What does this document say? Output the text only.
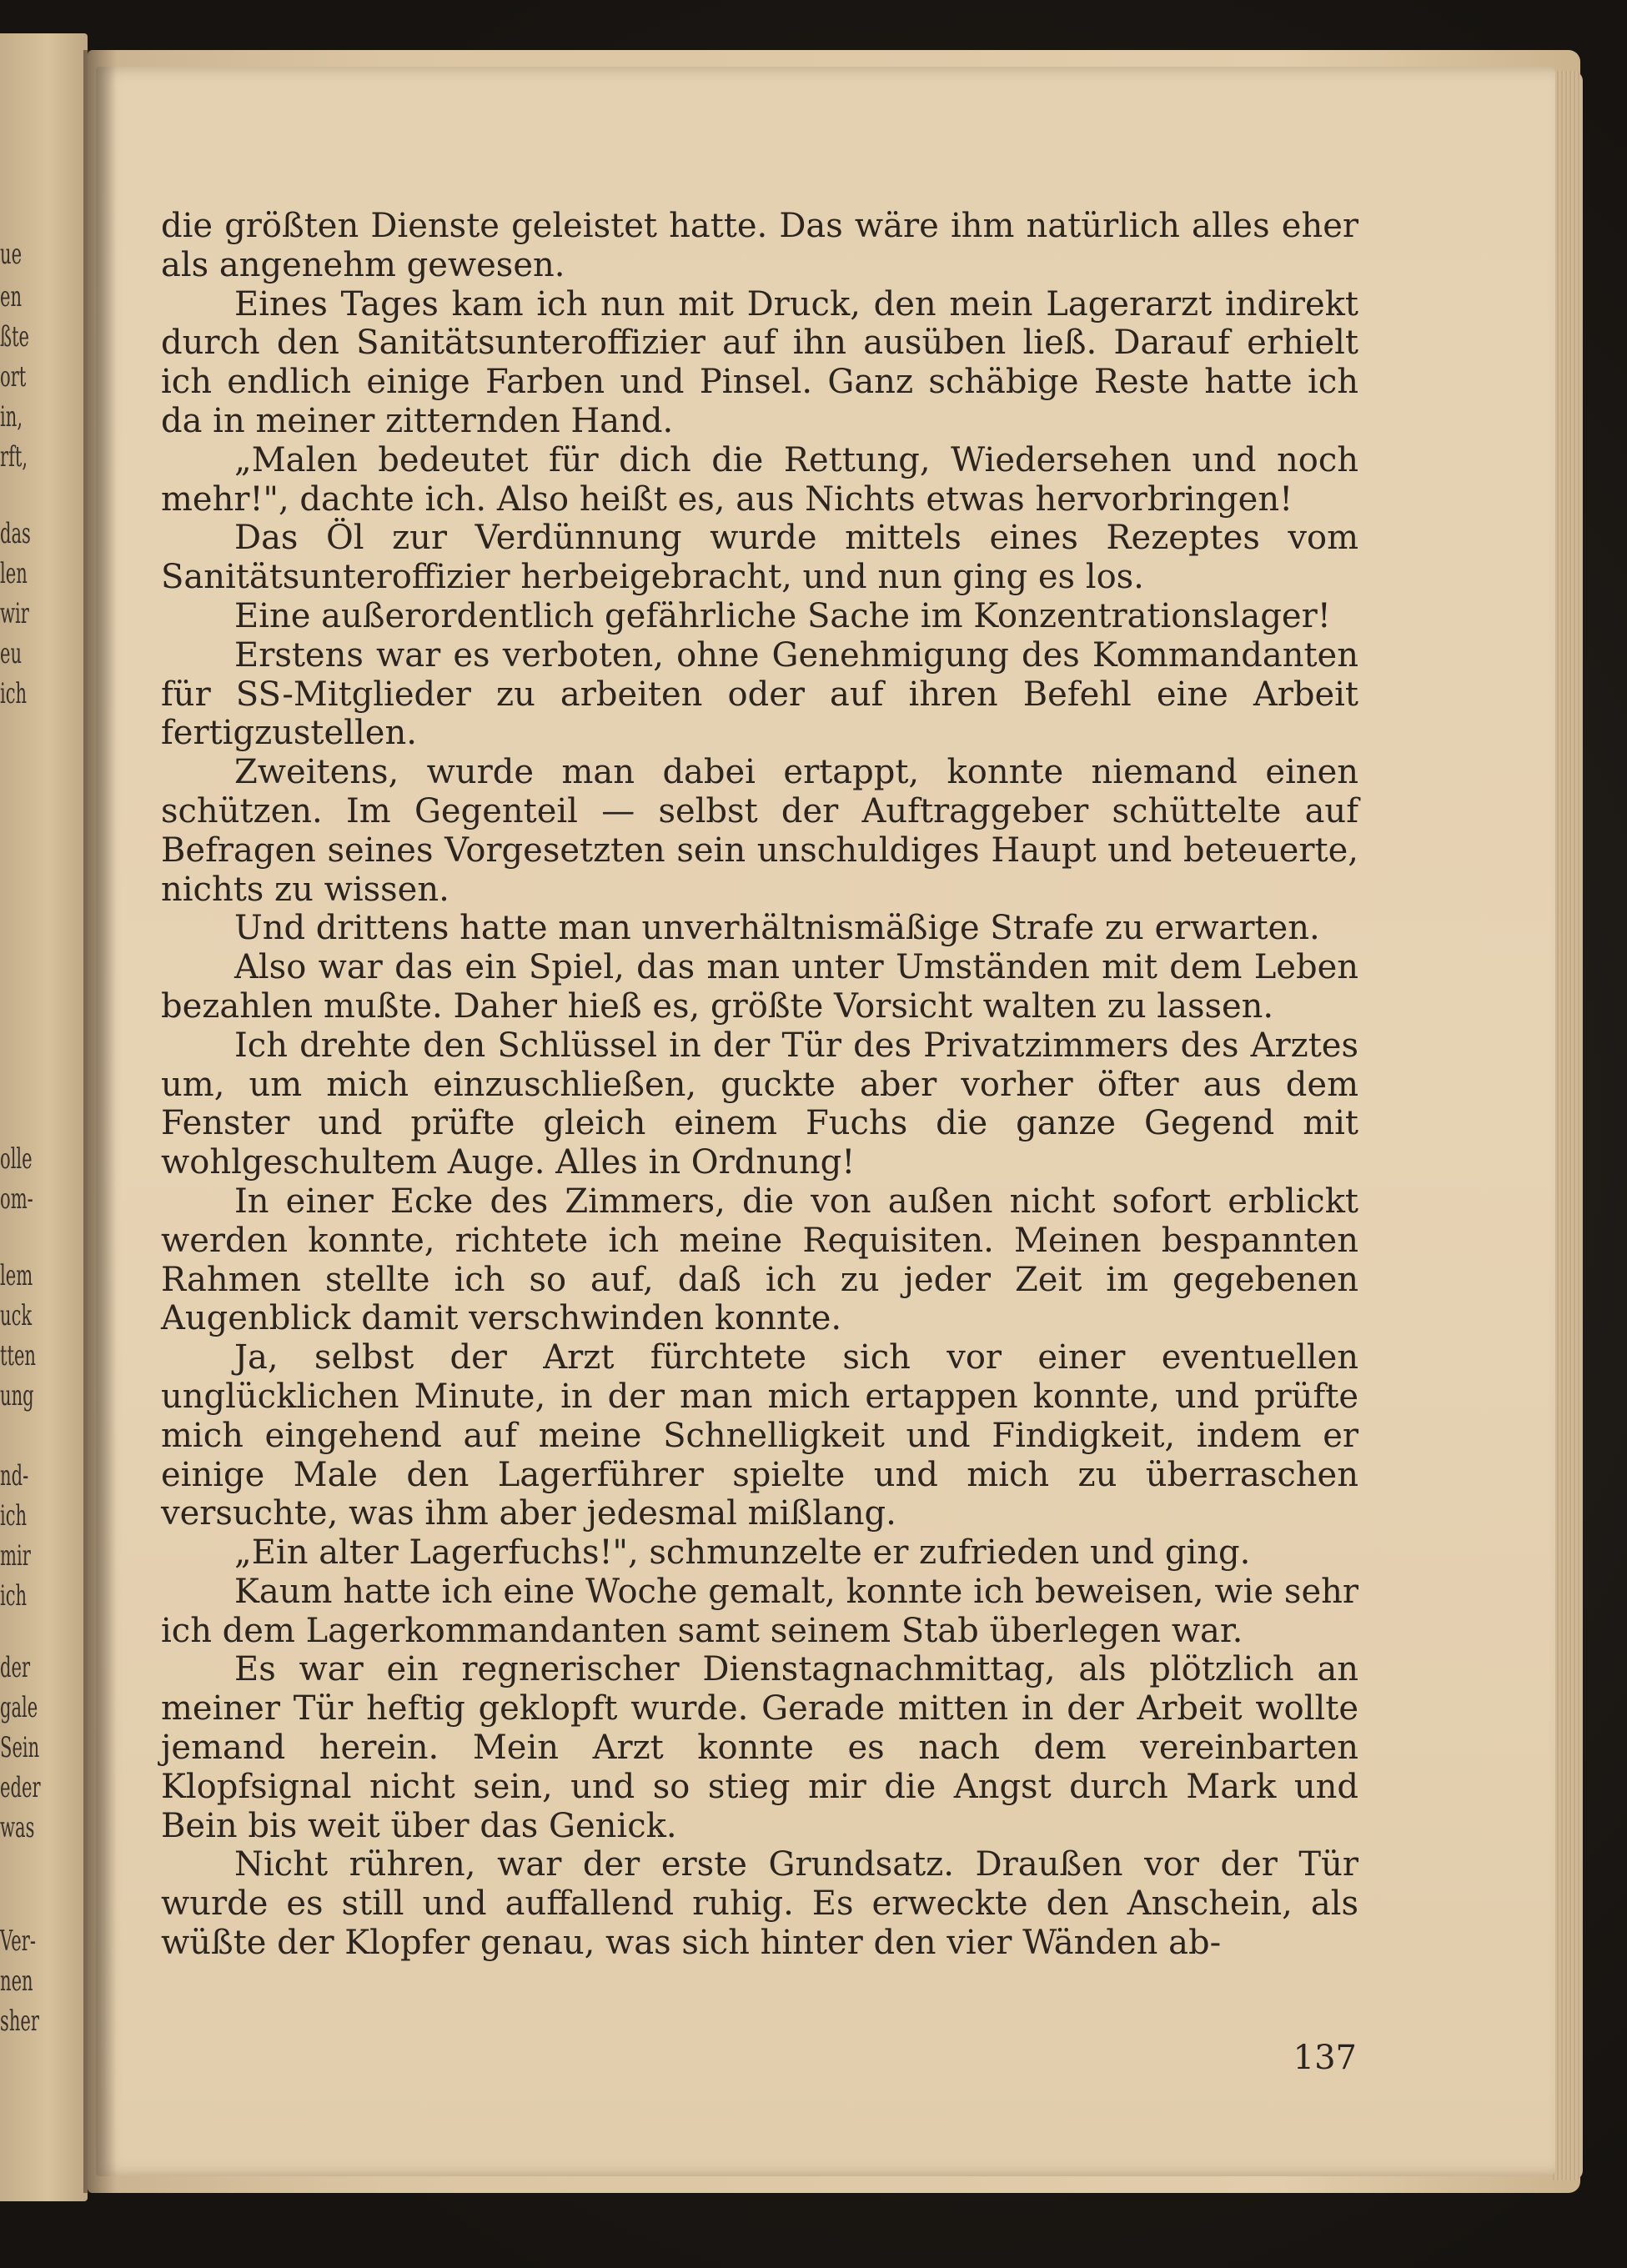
ue
en
ßte
ort
in,
rft,
das
len
wir
eu
ich
olle
om-
lem
uck
tten
ung
nd-
ich
mir
ich
der
gale
Sein
eder
was
Ver-
nen
sher

die größten Dienste geleistet hatte. Das wäre ihm natürlich alles eher als angenehm gewesen.

Eines Tages kam ich nun mit Druck, den mein Lagerarzt indirekt durch den Sanitätsunteroffizier auf ihn ausüben ließ. Darauf erhielt ich endlich einige Farben und Pinsel. Ganz schäbige Reste hatte ich da in meiner zitternden Hand.

„Malen bedeutet für dich die Rettung, Wiedersehen und noch mehr!", dachte ich. Also heißt es, aus Nichts etwas hervorbringen!

Das Öl zur Verdünnung wurde mittels eines Rezeptes vom Sanitätsunteroffizier herbeigebracht, und nun ging es los.

Eine außerordentlich gefährliche Sache im Konzentrationslager!

Erstens war es verboten, ohne Genehmigung des Kommandanten für SS-Mitglieder zu arbeiten oder auf ihren Befehl eine Arbeit fertigzustellen.

Zweitens, wurde man dabei ertappt, konnte niemand einen schützen. Im Gegenteil — selbst der Auftraggeber schüttelte auf Befragen seines Vorgesetzten sein unschuldiges Haupt und beteuerte, nichts zu wissen.

Und drittens hatte man unverhältnismäßige Strafe zu erwarten.

Also war das ein Spiel, das man unter Umständen mit dem Leben bezahlen mußte. Daher hieß es, größte Vorsicht walten zu lassen.

Ich drehte den Schlüssel in der Tür des Privatzimmers des Arztes um, um mich einzuschließen, guckte aber vorher öfter aus dem Fenster und prüfte gleich einem Fuchs die ganze Gegend mit wohlgeschultem Auge. Alles in Ordnung!

In einer Ecke des Zimmers, die von außen nicht sofort erblickt werden konnte, richtete ich meine Requisiten. Meinen bespannten Rahmen stellte ich so auf, daß ich zu jeder Zeit im gegebenen Augenblick damit verschwinden konnte.

Ja, selbst der Arzt fürchtete sich vor einer eventuellen unglücklichen Minute, in der man mich ertappen konnte, und prüfte mich eingehend auf meine Schnelligkeit und Findigkeit, indem er einige Male den Lagerführer spielte und mich zu überraschen versuchte, was ihm aber jedesmal mißlang.

„Ein alter Lagerfuchs!", schmunzelte er zufrieden und ging.

Kaum hatte ich eine Woche gemalt, konnte ich beweisen, wie sehr ich dem Lagerkommandanten samt seinem Stab überlegen war.

Es war ein regnerischer Dienstagnachmittag, als plötzlich an meiner Tür heftig geklopft wurde. Gerade mitten in der Arbeit wollte jemand herein. Mein Arzt konnte es nach dem vereinbarten Klopfsignal nicht sein, und so stieg mir die Angst durch Mark und Bein bis weit über das Genick.

Nicht rühren, war der erste Grundsatz. Draußen vor der Tür wurde es still und auffallend ruhig. Es erweckte den Anschein, als wüßte der Klopfer genau, was sich hinter den vier Wänden ab-

137
